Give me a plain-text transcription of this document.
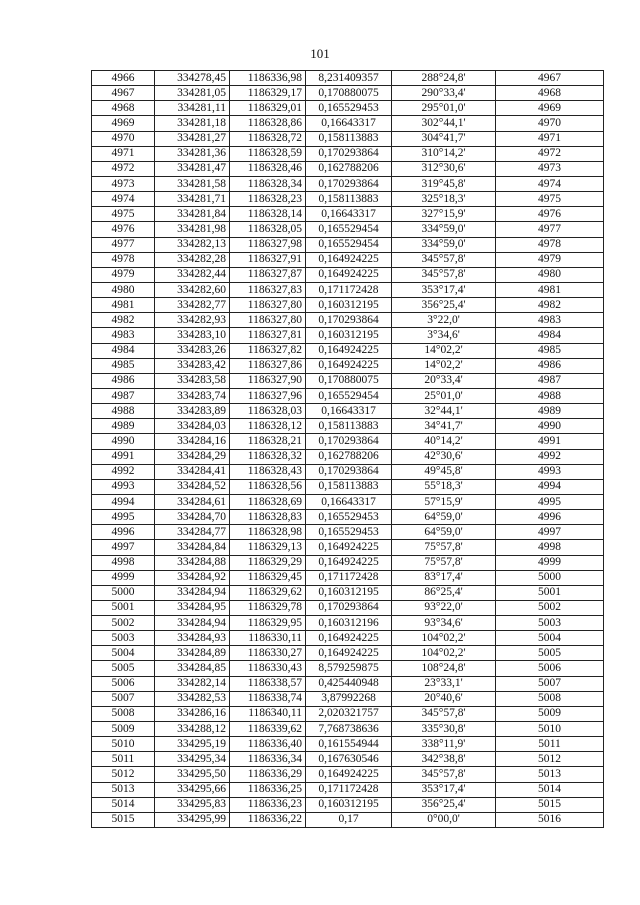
101
4966	334278,45	1186336,98	8,231409357	288°24,8'	4967
4967	334281,05	1186329,17	0,170880075	290°33,4'	4968
4968	334281,11	1186329,01	0,165529453	295°01,0'	4969
4969	334281,18	1186328,86	0,16643317	302°44,1'	4970
4970	334281,27	1186328,72	0,158113883	304°41,7'	4971
4971	334281,36	1186328,59	0,170293864	310°14,2'	4972
4972	334281,47	1186328,46	0,162788206	312°30,6'	4973
4973	334281,58	1186328,34	0,170293864	319°45,8'	4974
4974	334281,71	1186328,23	0,158113883	325°18,3'	4975
4975	334281,84	1186328,14	0,16643317	327°15,9'	4976
4976	334281,98	1186328,05	0,165529454	334°59,0'	4977
4977	334282,13	1186327,98	0,165529454	334°59,0'	4978
4978	334282,28	1186327,91	0,164924225	345°57,8'	4979
4979	334282,44	1186327,87	0,164924225	345°57,8'	4980
4980	334282,60	1186327,83	0,171172428	353°17,4'	4981
4981	334282,77	1186327,80	0,160312195	356°25,4'	4982
4982	334282,93	1186327,80	0,170293864	3°22,0'	4983
4983	334283,10	1186327,81	0,160312195	3°34,6'	4984
4984	334283,26	1186327,82	0,164924225	14°02,2'	4985
4985	334283,42	1186327,86	0,164924225	14°02,2'	4986
4986	334283,58	1186327,90	0,170880075	20°33,4'	4987
4987	334283,74	1186327,96	0,165529454	25°01,0'	4988
4988	334283,89	1186328,03	0,16643317	32°44,1'	4989
4989	334284,03	1186328,12	0,158113883	34°41,7'	4990
4990	334284,16	1186328,21	0,170293864	40°14,2'	4991
4991	334284,29	1186328,32	0,162788206	42°30,6'	4992
4992	334284,41	1186328,43	0,170293864	49°45,8'	4993
4993	334284,52	1186328,56	0,158113883	55°18,3'	4994
4994	334284,61	1186328,69	0,16643317	57°15,9'	4995
4995	334284,70	1186328,83	0,165529453	64°59,0'	4996
4996	334284,77	1186328,98	0,165529453	64°59,0'	4997
4997	334284,84	1186329,13	0,164924225	75°57,8'	4998
4998	334284,88	1186329,29	0,164924225	75°57,8'	4999
4999	334284,92	1186329,45	0,171172428	83°17,4'	5000
5000	334284,94	1186329,62	0,160312195	86°25,4'	5001
5001	334284,95	1186329,78	0,170293864	93°22,0'	5002
5002	334284,94	1186329,95	0,160312196	93°34,6'	5003
5003	334284,93	1186330,11	0,164924225	104°02,2'	5004
5004	334284,89	1186330,27	0,164924225	104°02,2'	5005
5005	334284,85	1186330,43	8,579259875	108°24,8'	5006
5006	334282,14	1186338,57	0,425440948	23°33,1'	5007
5007	334282,53	1186338,74	3,87992268	20°40,6'	5008
5008	334286,16	1186340,11	2,020321757	345°57,8'	5009
5009	334288,12	1186339,62	7,768738636	335°30,8'	5010
5010	334295,19	1186336,40	0,161554944	338°11,9'	5011
5011	334295,34	1186336,34	0,167630546	342°38,8'	5012
5012	334295,50	1186336,29	0,164924225	345°57,8'	5013
5013	334295,66	1186336,25	0,171172428	353°17,4'	5014
5014	334295,83	1186336,23	0,160312195	356°25,4'	5015
5015	334295,99	1186336,22	0,17	0°00,0'	5016
